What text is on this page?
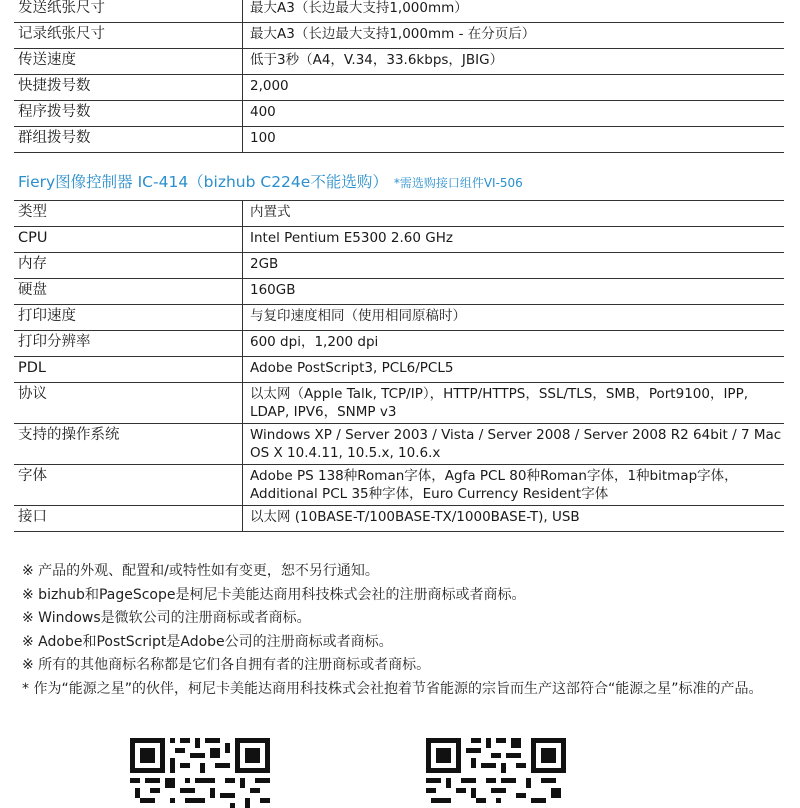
发送纸张尺寸	最大A3（长边最大支持1,000mm）
记录纸张尺寸	最大A3（长边最大支持1,000mm - 在分页后）
传送速度	低于3秒（A4，V.34，33.6kbps，JBIG）
快捷拨号数	2,000
程序拨号数	400
群组拨号数	100
Fiery图像控制器 IC-414（bizhub C224e不能选购） *需选购接口组件VI-506
类型	内置式
CPU	Intel Pentium E5300 2.60 GHz
内存	2GB
硬盘	160GB
打印速度	与复印速度相同（使用相同原稿时）
打印分辨率	600 dpi，1,200 dpi
PDL	Adobe PostScript3, PCL6/PCL5
协议	以太网（Apple Talk, TCP/IP），HTTP/HTTPS，SSL/TLS，SMB，Port9100，IPP, LDAP, IPV6，SNMP v3
支持的操作系统	Windows XP / Server 2003 / Vista / Server 2008 / Server 2008 R2 64bit / 7 Mac OS X 10.4.11, 10.5.x, 10.6.x
字体	Adobe PS 138种Roman字体，Agfa PCL 80种Roman字体，1种bitmap字体，Additional PCL 35种字体，Euro Currency Resident字体
接口	以太网 (10BASE-T/100BASE-TX/1000BASE-T), USB
※ 产品的外观、配置和/或特性如有变更，恕不另行通知。
※ bizhub和PageScope是柯尼卡美能达商用科技株式会社的注册商标或者商标。
※ Windows是微软公司的注册商标或者商标。
※ Adobe和PostScript是Adobe公司的注册商标或者商标。
※ 所有的其他商标名称都是它们各自拥有者的注册商标或者商标。
* 作为“能源之星”的伙伴，柯尼卡美能达商用科技株式会社抱着节省能源的宗旨而生产这部符合“能源之星”标准的产品。
